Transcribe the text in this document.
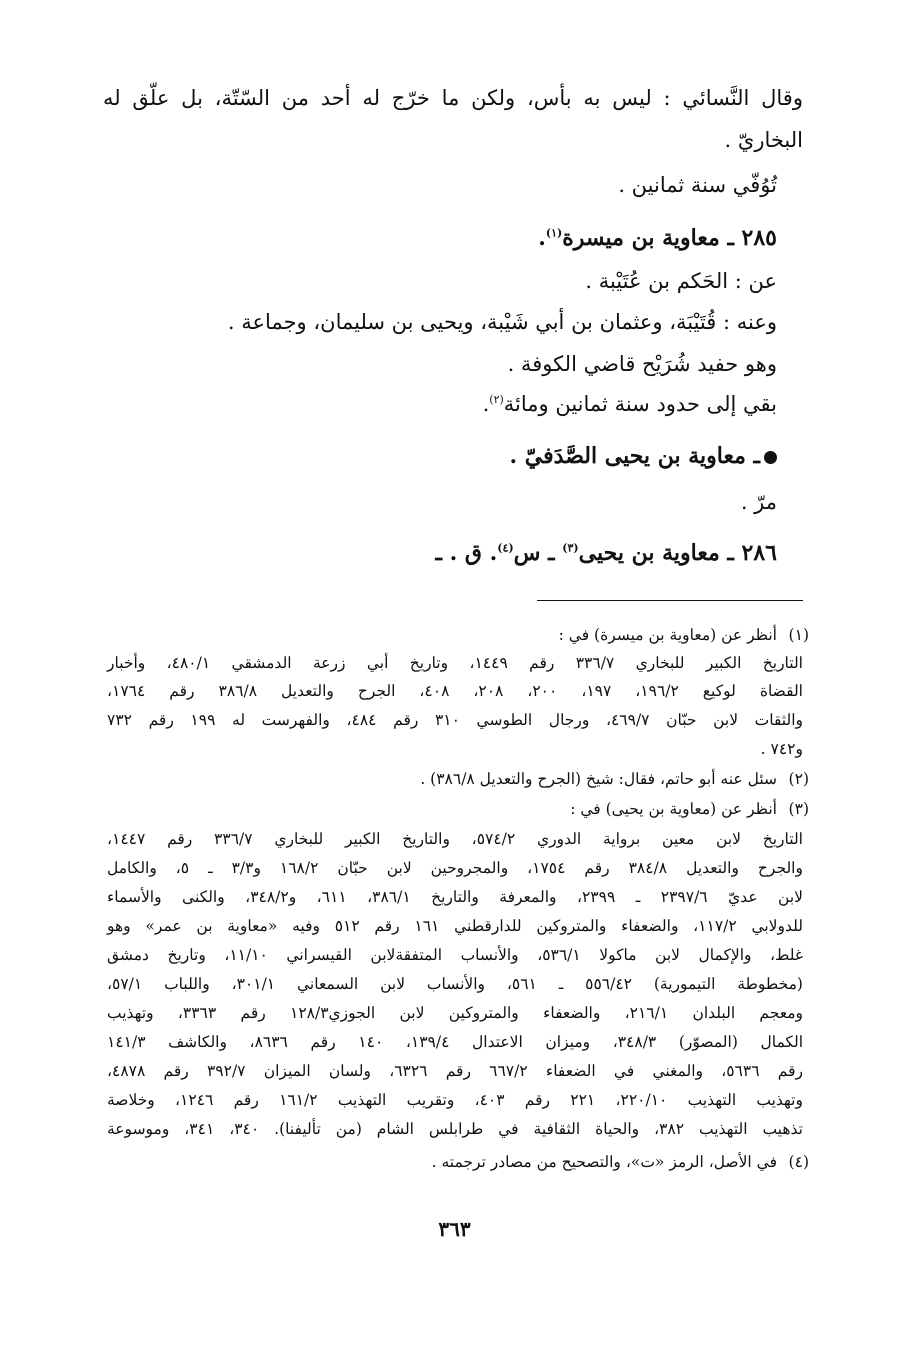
وقال النَّسائي : ليس به بأس، ولكن ما خرّج له أحد من السّتّة، بل علّق له
البخاريّ .
تُوُفّي سنة ثمانين .
٢٨٥ ـ معاوية بن ميسرة$^{(١)}$.
عن : الحَكم بن عُتَيْبة .
وعنه : قُتَيْبَة، وعثمان بن أبي شَيْبة، ويحيى بن سليمان، وجماعة .
وهو حفيد شُرَيْح قاضي الكوفة .
بقي إلى حدود سنة ثمانين ومائة$^{(٢)}$.
ـ معاوية بن يحيى الصَّدَفيّ .
مرّ .
٢٨٦ ـ معاوية بن يحيى$^{(٣)}$ ـ س$^{(٤)}$. ق . ـ
(١)
أنظر عن (معاوية بن ميسرة) في :
التاريخ الكبير للبخاري ٣٣٦/٧ رقم ١٤٤٩، وتاريخ أبي زرعة الدمشقي ٤٨٠/١، وأخبار
القضاة لوكيع ١٩٦/٢، ١٩٧، ٢٠٠، ٢٠٨، ٤٠٨، الجرح والتعديل ٣٨٦/٨ رقم ١٧٦٤،
والثقات لابن حبّان ٤٦٩/٧، ورجال الطوسي ٣١٠ رقم ٤٨٤، والفهرست له ١٩٩ رقم ٧٣٢
و٧٤٢ .
(٢)
سئل عنه أبو حاتم، فقال: شيخ (الجرح والتعديل ٣٨٦/٨) .
(٣)
أنظر عن (معاوية بن يحيى) في :
التاريخ لابن معين برواية الدوري ٥٧٤/٢، والتاريخ الكبير للبخاري ٣٣٦/٧ رقم ١٤٤٧،
والجرح والتعديل ٣٨٤/٨ رقم ١٧٥٤، والمجروحين لابن حبّان ١٦٨/٢ و٣/٣ ـ ٥، والكامل
لابن عديّ ٢٣٩٧/٦ ـ ٢٣٩٩، والمعرفة والتاريخ ٣٨٦/١، ٦١١، و٣٤٨/٢، والكنى والأسماء
للدولابي ١١٧/٢، والضعفاء والمتروكين للدارقطني ١٦١ رقم ٥١٢ وفيه «معاوية بن عمر» وهو
غلط، والإكمال لابن ماكولا ٥٣٦/١، والأنساب المتفقةلابن القيسراني ١١/١٠، وتاريخ دمشق
(مخطوطة التيمورية) ٥٥٦/٤٢ ـ ٥٦١، والأنساب لابن السمعاني ٣٠١/١، واللباب ٥٧/١،
ومعجم البلدان ٢١٦/١، والضعفاء والمتروكين لابن الجوزي١٢٨/٣ رقم ٣٣٦٣، وتهذيب
الكمال (المصوّر) ٣٤٨/٣، وميزان الاعتدال ١٣٩/٤، ١٤٠ رقم ٨٦٣٦، والكاشف ١٤١/٣
رقم ٥٦٣٦، والمغني في الضعفاء ٦٦٧/٢ رقم ٦٣٢٦، ولسان الميزان ٣٩٢/٧ رقم ٤٨٧٨،
وتهذيب التهذيب ٢٢٠/١٠، ٢٢١ رقم ٤٠٣، وتقريب التهذيب ١٦١/٢ رقم ١٢٤٦، وخلاصة
تذهيب التهذيب ٣٨٢، والحياة الثقافية في طرابلس الشام (من تأليفنا). ٣٤٠، ٣٤١، وموسوعة
(٤)
في الأصل، الرمز «ت»، والتصحيح من مصادر ترجمته .
٣٦٣
